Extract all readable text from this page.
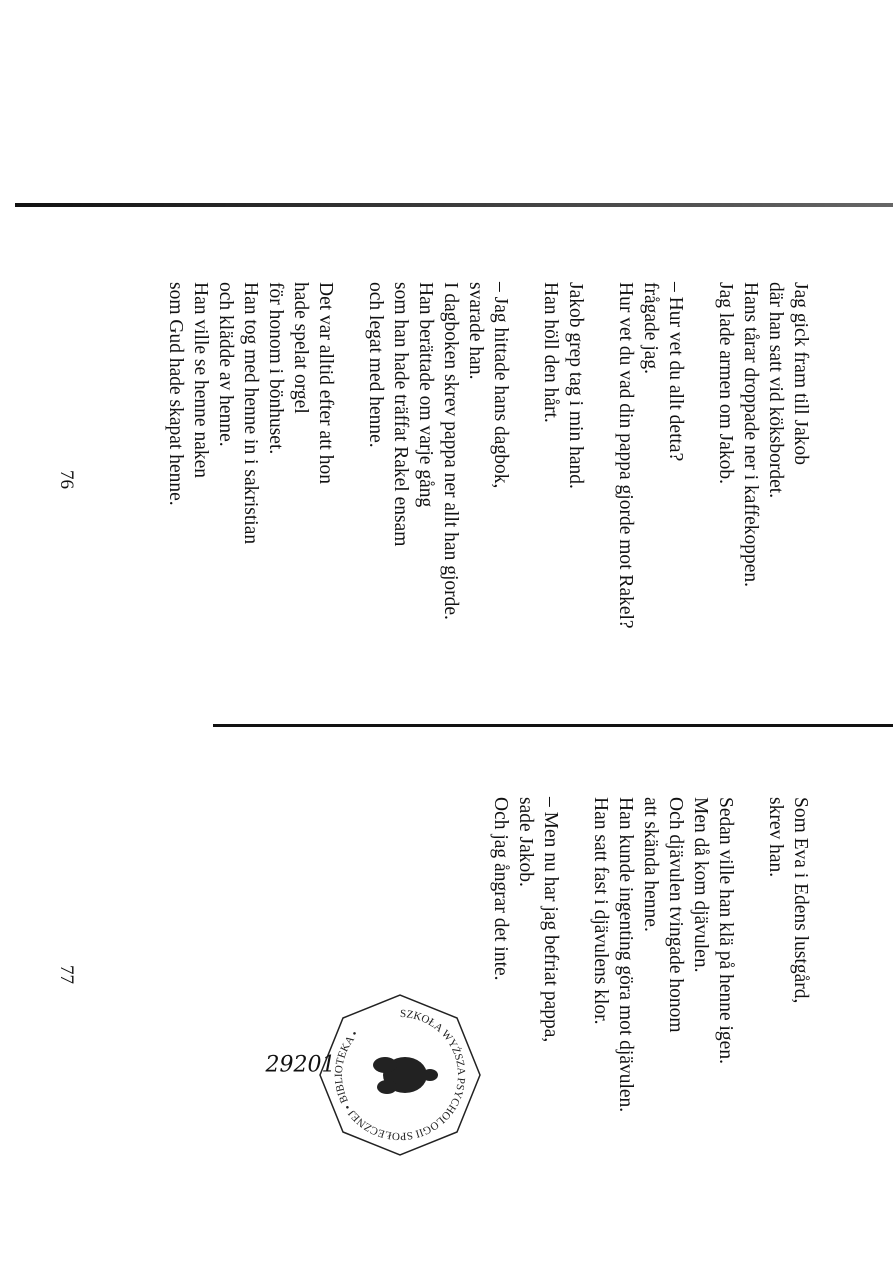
Jag gick fram till Jakob
där han satt vid köksbordet.
Hans tårar droppade ner i kaffekoppen.
Jag lade armen om Jakob.
– Hur vet du allt detta?
frågade jag.
Hur vet du vad din pappa gjorde mot Rakel?
Jakob grep tag i min hand.
Han höll den hårt.
– Jag hittade hans dagbok,
svarade han.
I dagboken skrev pappa ner allt han gjorde.
Han berättade om varje gång
som han hade träffat Rakel ensam
och legat med henne.
Det var alltid efter att hon
hade spelat orgel
för honom i bönhuset.
Han tog med henne in i sakristian
och klädde av henne.
Han ville se henne naken
som Gud hade skapat henne.
76
Som Eva i Edens lustgård,
skrev han.
Sedan ville han klä på henne igen.
Men då kom djävulen.
Och djävulen tvingade honom
att skända henne.
Han kunde ingenting göra mot djävulen.
Han satt fast i djävulens klor.
– Men nu har jag befriat pappa,
sade Jakob.
Och jag ångrar det inte.
77
SZKOŁA WYŻSZA PSYCHOLOGII SPOŁECZNEJ • BIBLIOTEKA •
29201
